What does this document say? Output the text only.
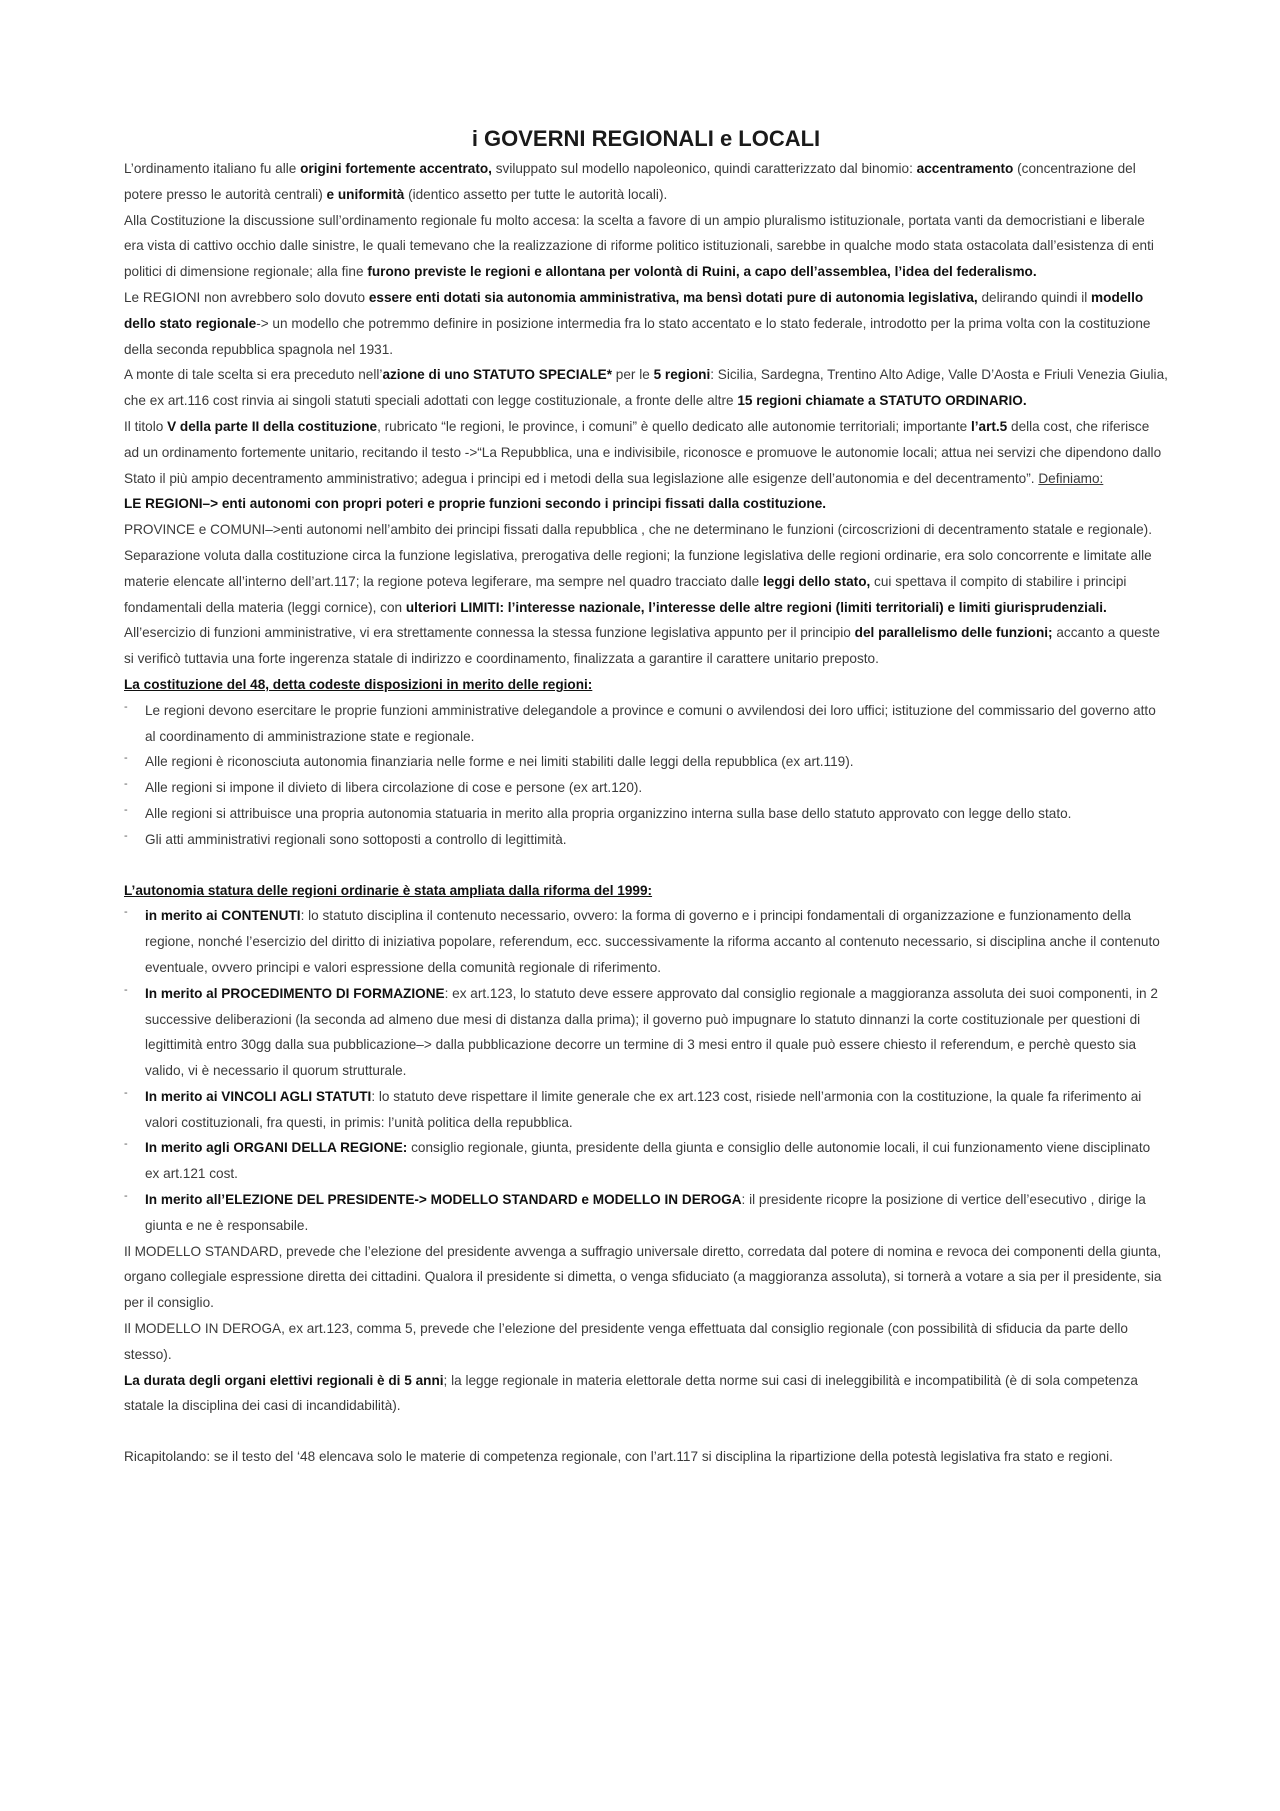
i GOVERNI REGIONALI e LOCALI

L’ordinamento italiano fu alle origini fortemente accentrato, sviluppato sul modello napoleonico, quindi caratterizzato dal binomio: accentramento (concentrazione del potere presso le autorità centrali) e uniformità (identico assetto per tutte le autorità locali).

Alla Costituzione la discussione sull’ordinamento regionale fu molto accesa: la scelta a favore di un ampio pluralismo istituzionale, portata vanti da democristiani e liberale era vista di cattivo occhio dalle sinistre, le quali temevano che la realizzazione di riforme politico istituzionali, sarebbe in qualche modo stata ostacolata dall’esistenza di enti politici di dimensione regionale; alla fine furono previste le regioni e allontana per volontà di Ruini, a capo dell’assemblea, l’idea del federalismo.

Le REGIONI non avrebbero solo dovuto essere enti dotati sia autonomia amministrativa, ma bensì dotati pure di autonomia legislativa, delirando quindi il modello dello stato regionale-> un modello che potremmo definire in posizione intermedia fra lo stato accentato e lo stato federale, introdotto per la prima volta con la costituzione della seconda repubblica spagnola nel 1931.

A monte di tale scelta si era preceduto nell’azione di uno STATUTO SPECIALE* per le 5 regioni: Sicilia, Sardegna, Trentino Alto Adige, Valle D’Aosta e Friuli Venezia Giulia, che ex art.116 cost rinvia ai singoli statuti speciali adottati con legge costituzionale, a fronte delle altre 15 regioni chiamate a STATUTO ORDINARIO.

Il titolo V della parte II della costituzione, rubricato “le regioni, le province, i comuni” è quello dedicato alle autonomie territoriali; importante l’art.5 della cost, che riferisce ad un ordinamento fortemente unitario, recitando il testo ->“La Repubblica, una e indivisibile, riconosce e promuove le autonomie locali; attua nei servizi che dipendono dallo Stato il più ampio decentramento amministrativo; adegua i principi ed i metodi della sua legislazione alle esigenze dell’autonomia e del decentramento”. Definiamo:

LE REGIONI–> enti autonomi con propri poteri e proprie funzioni secondo i principi fissati dalla costituzione.

PROVINCE e COMUNI–>enti autonomi nell’ambito dei principi fissati dalla repubblica , che ne determinano le funzioni (circoscrizioni di decentramento statale e regionale).

Separazione voluta dalla costituzione circa la funzione legislativa, prerogativa delle regioni; la funzione legislativa delle regioni ordinarie, era solo concorrente e limitate alle materie elencate all’interno dell’art.117; la regione poteva legiferare, ma sempre nel quadro tracciato dalle leggi dello stato, cui spettava il compito di stabilire i principi fondamentali della materia (leggi cornice), con ulteriori LIMITI: l’interesse nazionale, l’interesse delle altre regioni (limiti territoriali) e limiti giurisprudenziali.

All’esercizio di funzioni amministrative, vi era strettamente connessa la stessa funzione legislativa appunto per il principio del parallelismo delle funzioni; accanto a queste si verificò tuttavia una forte ingerenza statale di indirizzo e coordinamento, finalizzata a garantire il carattere unitario preposto.

La costituzione del 48, detta codeste disposizioni in merito delle regioni:

- Le regioni devono esercitare le proprie funzioni amministrative delegandole a province e comuni o avvilendosi dei loro uffici; istituzione del commissario del governo atto al coordinamento di amministrazione state e regionale.
- Alle regioni è riconosciuta autonomia finanziaria nelle forme e nei limiti stabiliti dalle leggi della repubblica (ex art.119).
- Alle regioni si impone il divieto di libera circolazione di cose e persone (ex art.120).
- Alle regioni si attribuisce una propria autonomia statuaria in merito alla propria organizzino interna sulla base dello statuto approvato con legge dello stato.
- Gli atti amministrativi regionali sono sottoposti a controllo di legittimità.

L’autonomia statura delle regioni ordinarie è stata ampliata dalla riforma del 1999:

- in merito ai CONTENUTI: lo statuto disciplina il contenuto necessario, ovvero: la forma di governo e i principi fondamentali di organizzazione e funzionamento della regione, nonché l’esercizio del diritto di iniziativa popolare, referendum, ecc. successivamente la riforma accanto al contenuto necessario, si disciplina anche il contenuto eventuale, ovvero principi e valori espressione della comunità regionale di riferimento.
- In merito al PROCEDIMENTO DI FORMAZIONE: ex art.123, lo statuto deve essere approvato dal consiglio regionale a maggioranza assoluta dei suoi componenti, in 2 successive deliberazioni (la seconda ad almeno due mesi di distanza dalla prima); il governo può impugnare lo statuto dinnanzi la corte costituzionale per questioni di legittimità entro 30gg dalla sua pubblicazione–> dalla pubblicazione decorre un termine di 3 mesi entro il quale può essere chiesto il referendum, e perchè questo sia valido, vi è necessario il quorum strutturale.
- In merito ai VINCOLI AGLI STATUTI: lo statuto deve rispettare il limite generale che ex art.123 cost, risiede nell’armonia con la costituzione, la quale fa riferimento ai valori costituzionali, fra questi, in primis: l’unità politica della repubblica.
- In merito agli ORGANI DELLA REGIONE: consiglio regionale, giunta, presidente della giunta e consiglio delle autonomie locali, il cui funzionamento viene disciplinato ex art.121 cost.
- In merito all’ELEZIONE DEL PRESIDENTE-> MODELLO STANDARD e MODELLO IN DEROGA: il presidente ricopre la posizione di vertice dell’esecutivo , dirige la giunta e ne è responsabile.

Il MODELLO STANDARD, prevede che l’elezione del presidente avvenga a suffragio universale diretto, corredata dal potere di nomina e revoca dei componenti della giunta, organo collegiale espressione diretta dei cittadini. Qualora il presidente si dimetta, o venga sfiduciato (a maggioranza assoluta), si tornerà a votare a sia per il presidente, sia per il consiglio.

Il MODELLO IN DEROGA, ex art.123, comma 5, prevede che l’elezione del presidente venga effettuata dal consiglio regionale (con possibilità di sfiducia da parte dello stesso).

La durata degli organi elettivi regionali è di 5 anni; la legge regionale in materia elettorale detta norme sui casi di ineleggibilità e incompatibilità (è di sola competenza statale la disciplina dei casi di incandidabilità).

Ricapitolando: se il testo del ‘48 elencava solo le materie di competenza regionale, con l’art.117 si disciplina la ripartizione della potestà legislativa fra stato e regioni.
